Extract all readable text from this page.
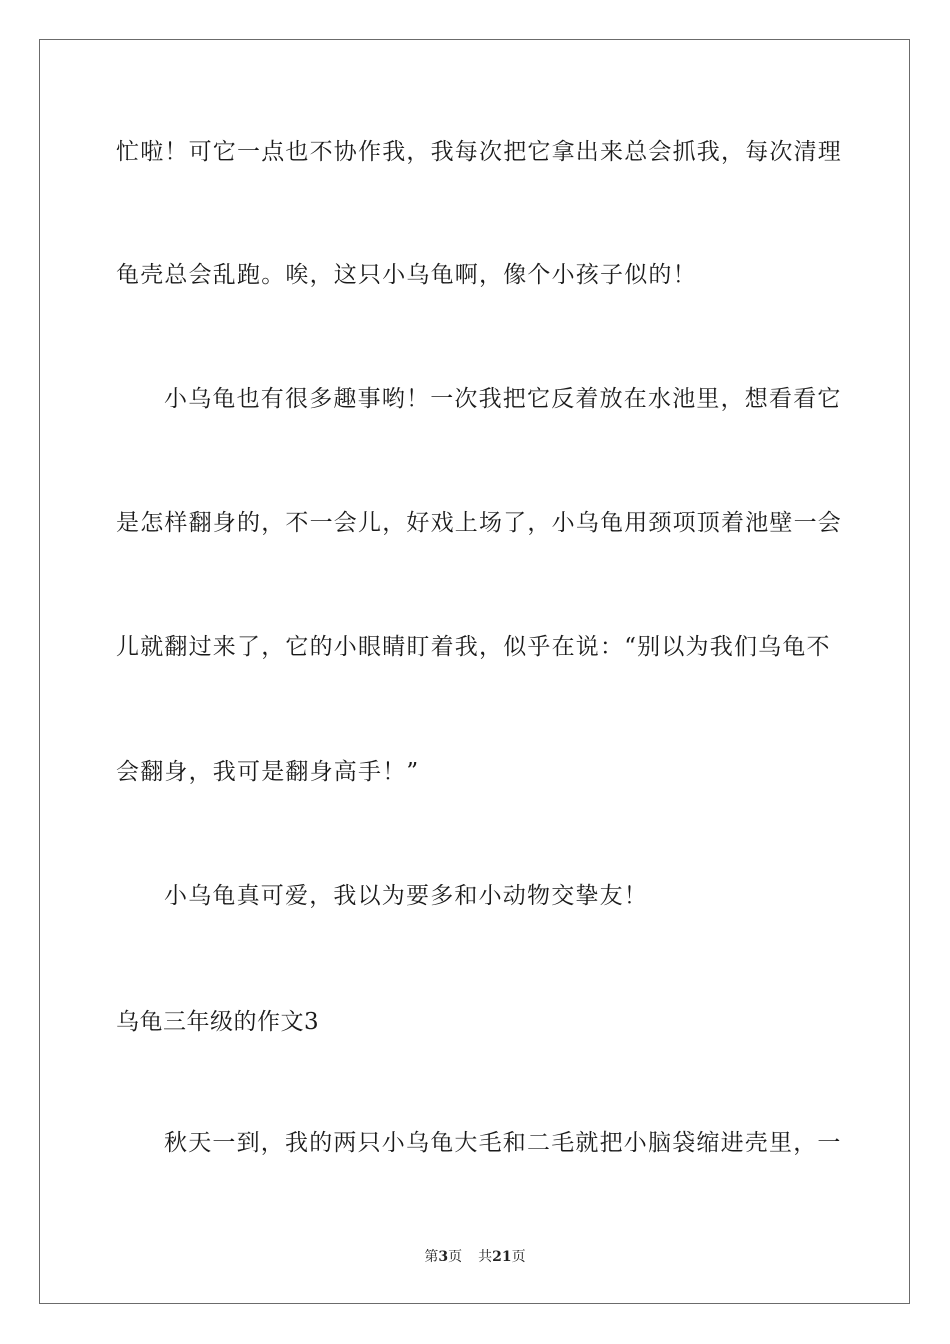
忙啦！可它一点也不协作我，我每次把它拿出来总会抓我，每次清理
龟壳总会乱跑。唉，这只小乌龟啊，像个小孩子似的！
小乌龟也有很多趣事哟！一次我把它反着放在水池里，想看看它
是怎样翻身的，不一会儿，好戏上场了，小乌龟用颈项顶着池壁一会
儿就翻过来了，它的小眼睛盯着我，似乎在说：“别以为我们乌龟不
会翻身，我可是翻身高手！”
小乌龟真可爱，我以为要多和小动物交挚友！
乌龟三年级的作文3
秋天一到，我的两只小乌龟大毛和二毛就把小脑袋缩进壳里，一
第3页 共21页
